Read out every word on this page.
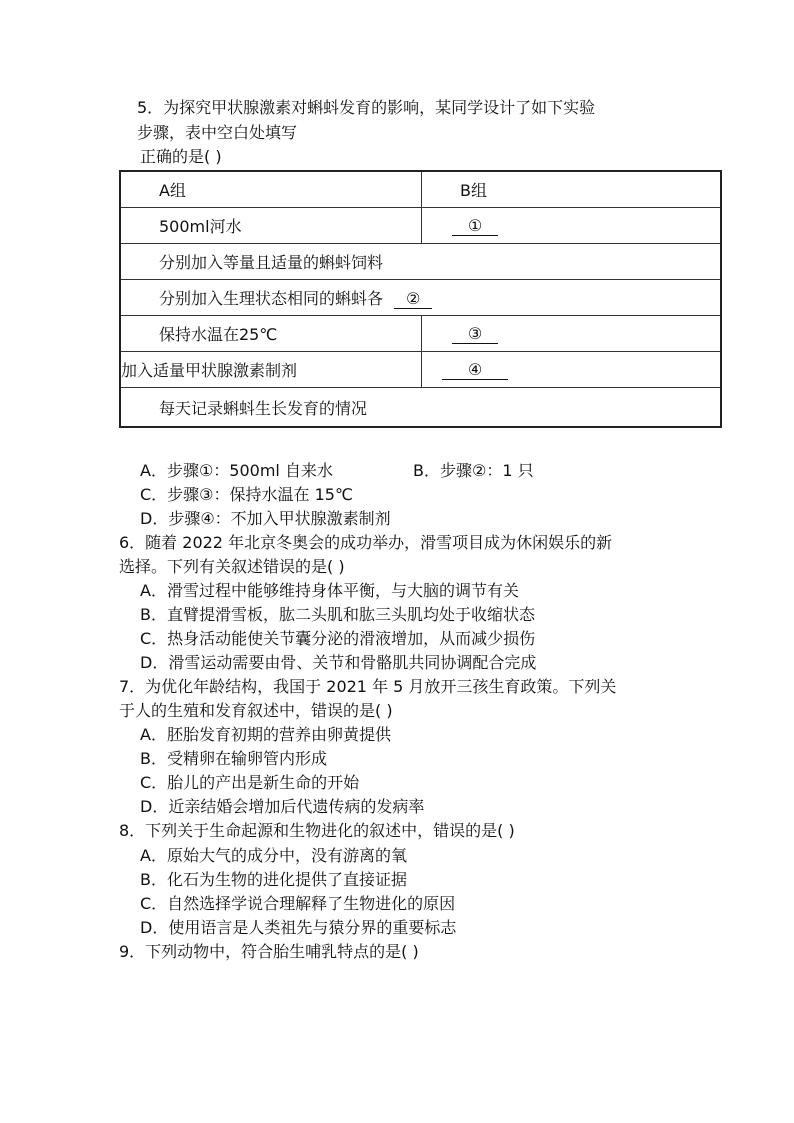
5．为探究甲状腺激素对蝌蚪发育的影响，某同学设计了如下实验
步骤，表中空白处填写
正确的是( )
A组	B组
500ml河水	①
分别加入等量且适量的蝌蚪饲料	
分别加入生理状态相同的蝌蚪各 ②	
保持水温在25℃	③
加入适量甲状腺激素制剂	④
每天记录蝌蚪生长发育的情况	
A．步骤①：500ml 自来水	B．步骤②：1 只
C．步骤③：保持水温在 15℃
D．步骤④：不加入甲状腺激素制剂
6．随着 2022 年北京冬奥会的成功举办，滑雪项目成为休闲娱乐的新
选择。下列有关叙述错误的是( )
A．滑雪过程中能够维持身体平衡，与大脑的调节有关
B．直臂提滑雪板，肱二头肌和肱三头肌均处于收缩状态
C．热身活动能使关节囊分泌的滑液增加，从而减少损伤
D．滑雪运动需要由骨、关节和骨骼肌共同协调配合完成
7．为优化年龄结构，我国于 2021 年 5 月放开三孩生育政策。下列关
于人的生殖和发育叙述中，错误的是( )
A．胚胎发育初期的营养由卵黄提供
B．受精卵在输卵管内形成
C．胎儿的产出是新生命的开始
D．近亲结婚会增加后代遗传病的发病率
8．下列关于生命起源和生物进化的叙述中，错误的是( )
A．原始大气的成分中，没有游离的氧
B．化石为生物的进化提供了直接证据
C．自然选择学说合理解释了生物进化的原因
D．使用语言是人类祖先与猿分界的重要标志
9．下列动物中，符合胎生哺乳特点的是( )
